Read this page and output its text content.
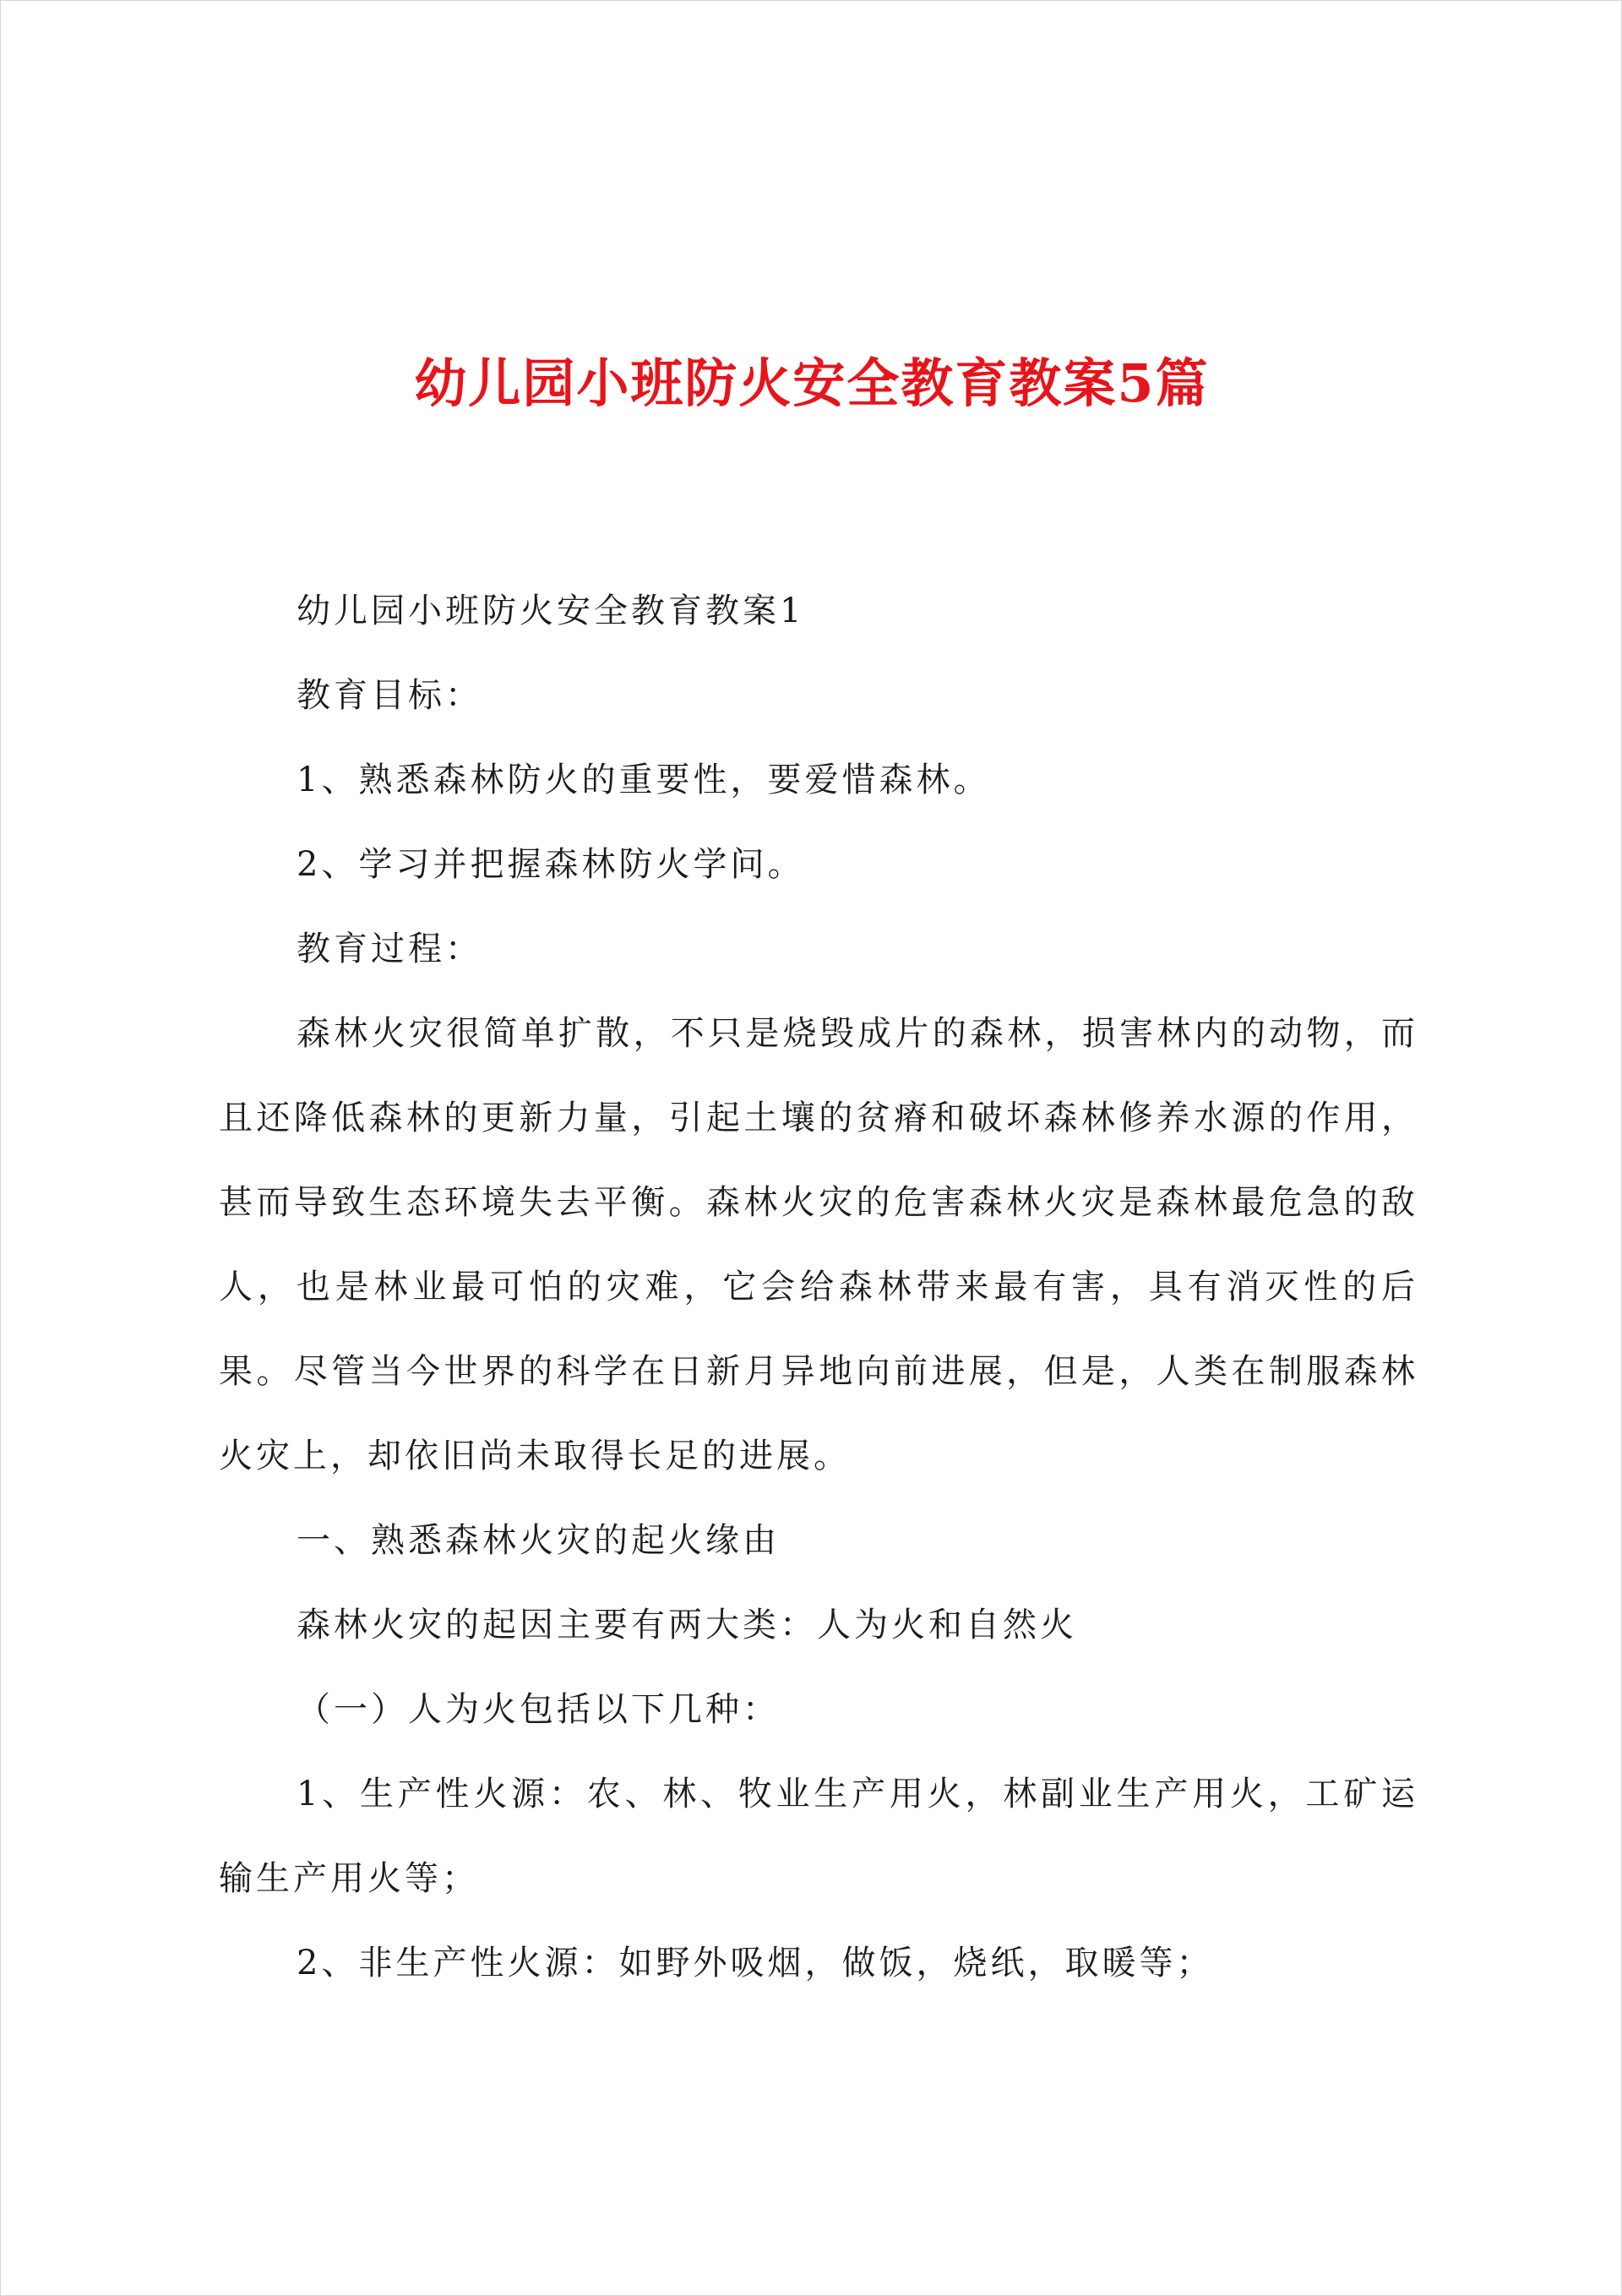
幼儿园小班防火安全教育教案5篇

幼儿园小班防火安全教育教案1

教育目标：

1、熟悉森林防火的重要性，要爱惜森林。

2、学习并把握森林防火学问。

教育过程：

森林火灾很简单扩散，不只是烧毁成片的森林，损害林内的动物，而且还降低森林的更新力量，引起土壤的贫瘠和破坏森林修养水源的作用，甚而导致生态环境失去平衡。森林火灾的危害森林火灾是森林最危急的敌人，也是林业最可怕的灾难，它会给森林带来最有害，具有消灭性的后果。尽管当今世界的科学在日新月异地向前进展，但是，人类在制服森林火灾上，却依旧尚未取得长足的进展。

一、熟悉森林火灾的起火缘由

森林火灾的起因主要有两大类：人为火和自然火

（一）人为火包括以下几种：

1、生产性火源：农、林、牧业生产用火，林副业生产用火，工矿运输生产用火等；

2、非生产性火源：如野外吸烟，做饭，烧纸，取暖等；
